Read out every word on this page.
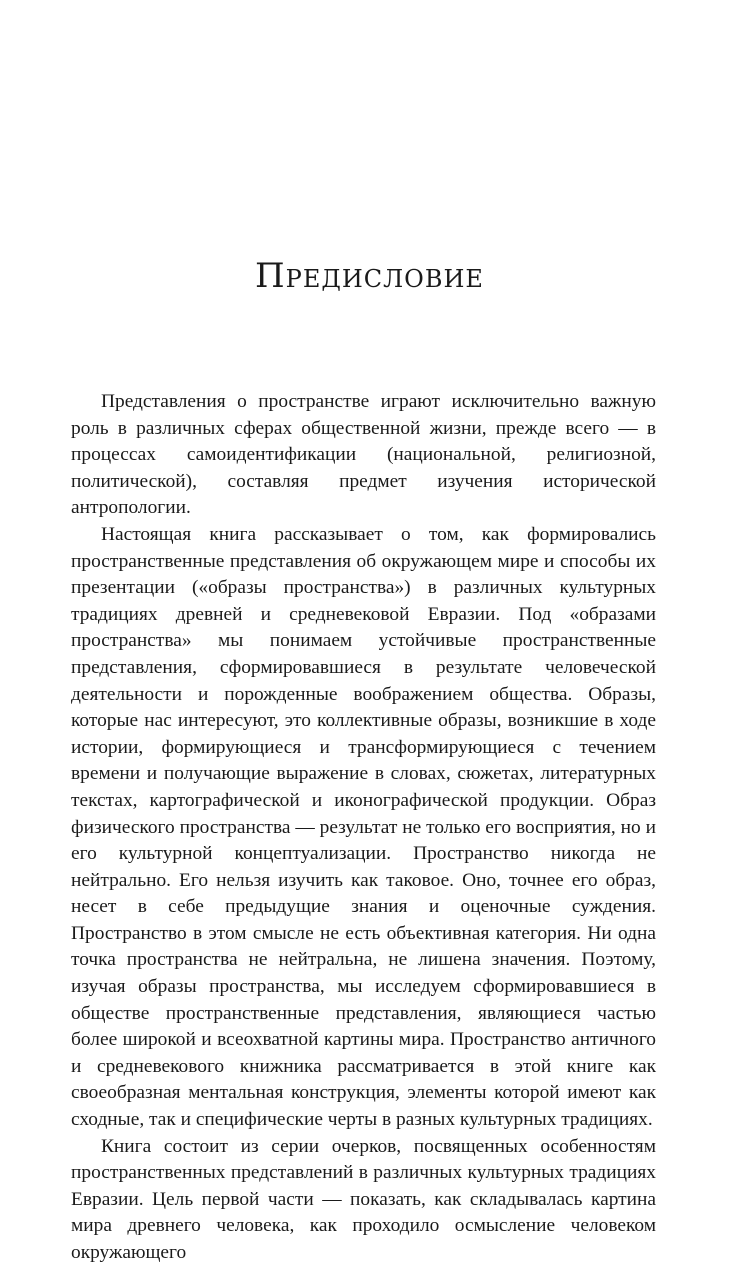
Предисловие

Представления о пространстве играют исключительно важную роль в различных сферах общественной жизни, прежде всего — в процессах самоидентификации (национальной, религиозной, политической), составляя предмет изучения исторической антропологии.

Настоящая книга рассказывает о том, как формировались пространственные представления об окружающем мире и способы их презентации («образы пространства») в различных культурных традициях древней и средневековой Евразии. Под «образами пространства» мы понимаем устойчивые пространственные представления, сформировавшиеся в результате человеческой деятельности и порожденные воображением общества. Образы, которые нас интересуют, это коллективные образы, возникшие в ходе истории, формирующиеся и трансформирующиеся с течением времени и получающие выражение в словах, сюжетах, литературных текстах, картографической и иконографической продукции. Образ физического пространства — результат не только его восприятия, но и его культурной концептуализации. Пространство никогда не нейтрально. Его нельзя изучить как таковое. Оно, точнее его образ, несет в себе предыдущие знания и оценочные суждения. Пространство в этом смысле не есть объективная категория. Ни одна точка пространства не нейтральна, не лишена значения. Поэтому, изучая образы пространства, мы исследуем сформировавшиеся в обществе пространственные представления, являющиеся частью более широкой и всеохватной картины мира. Пространство античного и средневекового книжника рассматривается в этой книге как своеобразная ментальная конструкция, элементы которой имеют как сходные, так и специфические черты в разных культурных традициях.

Книга состоит из серии очерков, посвященных особенностям пространственных представлений в различных культурных традициях Евразии. Цель первой части — показать, как складывалась картина мира древнего человека, как проходило осмысление человеком окружающего
